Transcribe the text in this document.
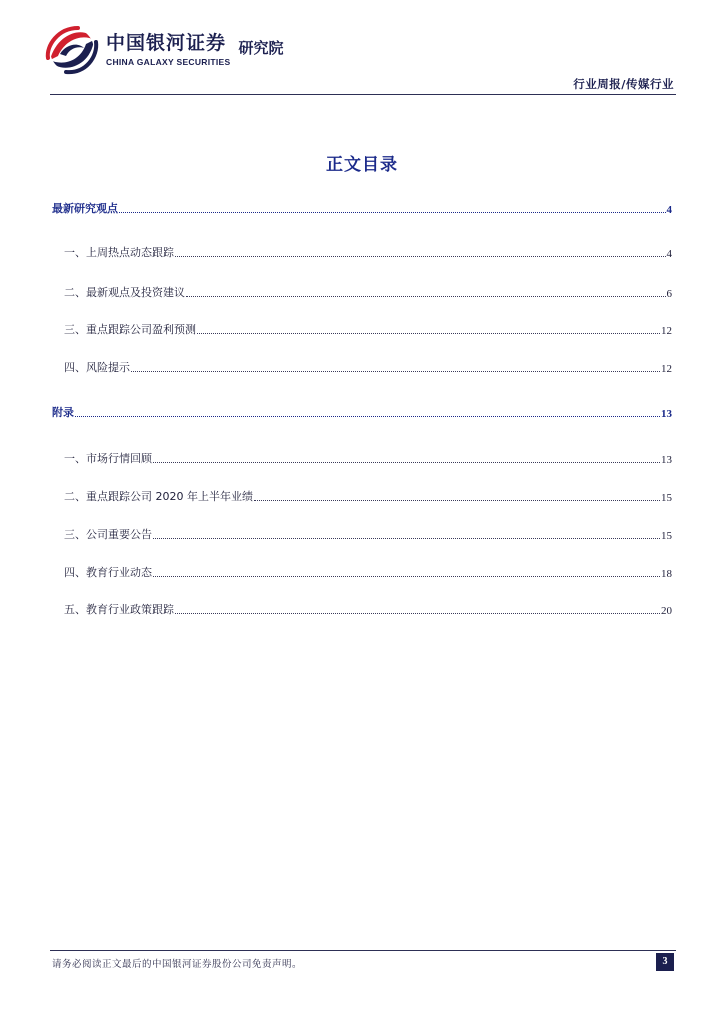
中国银河证券
CHINA GALAXY SECURITIES
研究院
行业周报/传媒行业
正文目录
最新研究观点	4
一、上周热点动态跟踪	4
二、最新观点及投资建议	6
三、重点跟踪公司盈利预测	12
四、风险提示	12
附录	13
一、市场行情回顾	13
二、重点跟踪公司 2020 年上半年业绩	15
三、公司重要公告	15
四、教育行业动态	18
五、教育行业政策跟踪	20
请务必阅读正文最后的中国银河证券股份公司免责声明。	3
